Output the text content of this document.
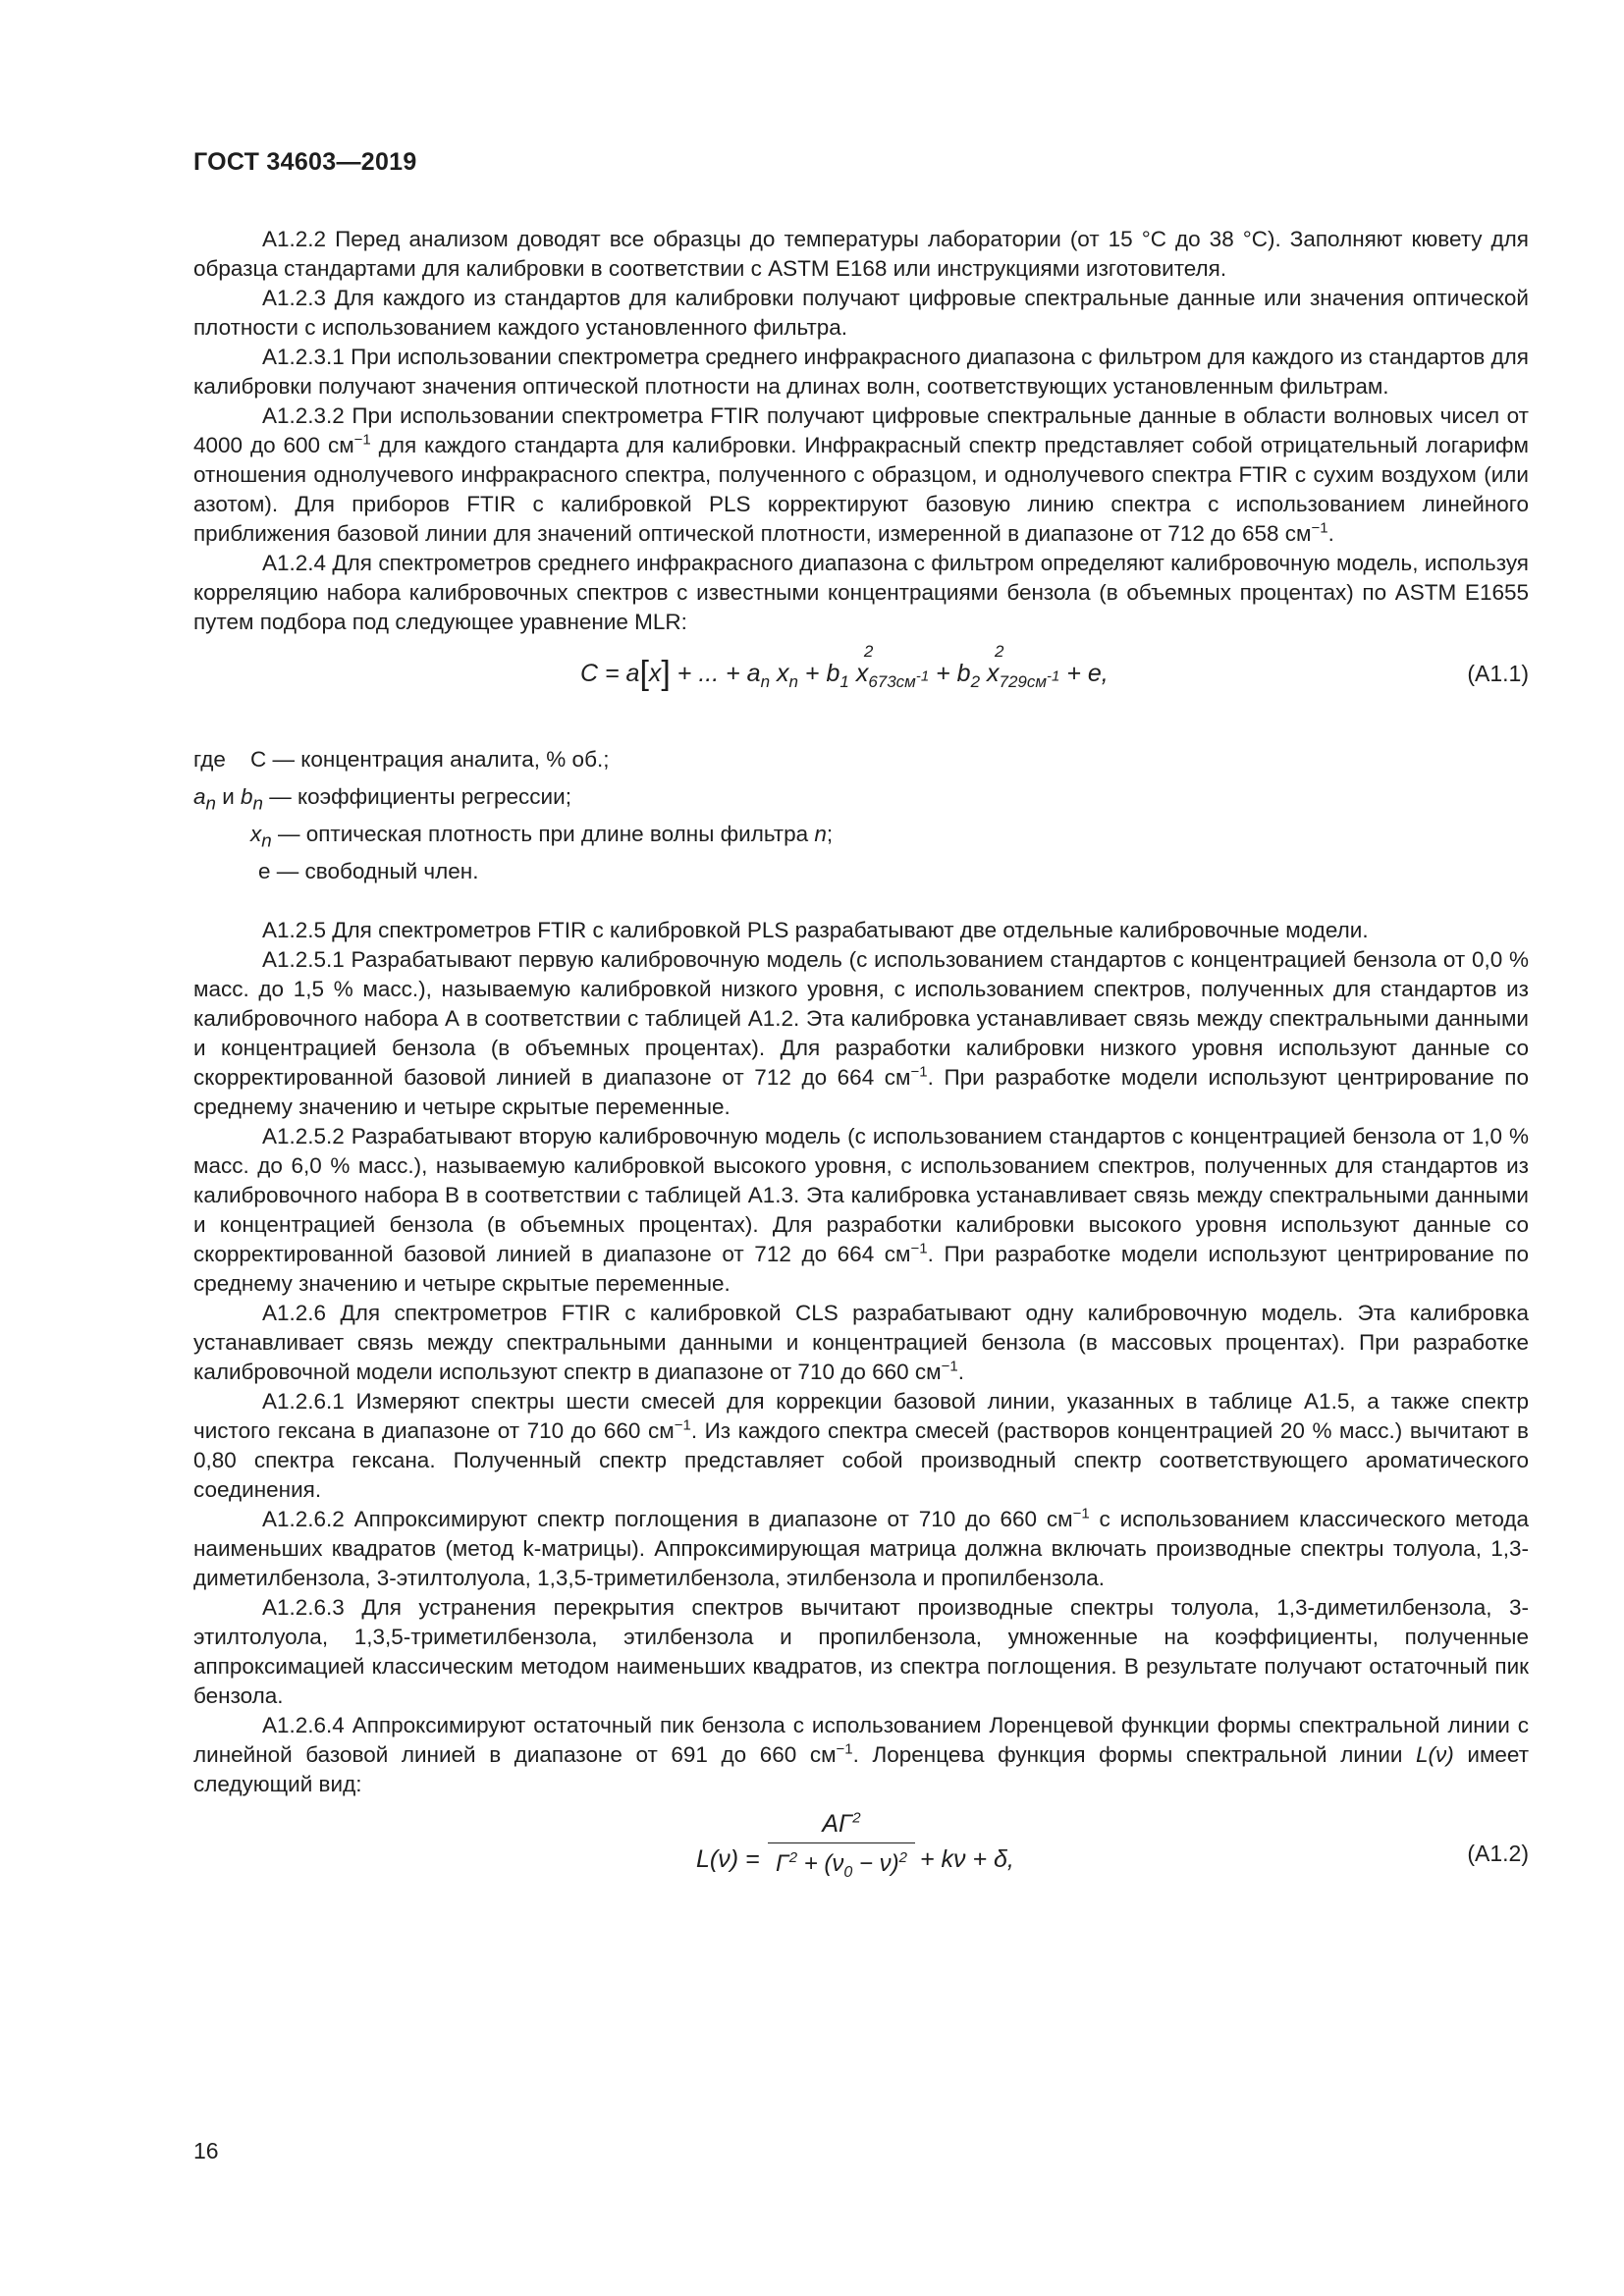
ГОСТ 34603—2019

А1.2.2 Перед анализом доводят все образцы до температуры лаборатории (от 15 °С до 38 °С). Заполняют кювету для образца стандартами для калибровки в соответствии с ASTM Е168 или инструкциями изготовителя.

А1.2.3 Для каждого из стандартов для калибровки получают цифровые спектральные данные или значения оптической плотности с использованием каждого установленного фильтра.

А1.2.3.1 При использовании спектрометра среднего инфракрасного диапазона с фильтром для каждого из стандартов для калибровки получают значения оптической плотности на длинах волн, соответствующих установленным фильтрам.

А1.2.3.2 При использовании спектрометра FTIR получают цифровые спектральные данные в области волновых чисел от 4000 до 600 $см^{-1}$ для каждого стандарта для калибровки. Инфракрасный спектр представляет собой отрицательный логарифм отношения однолучевого инфракрасного спектра, полученного с образцом, и однолучевого спектра FTIR с сухим воздухом (или азотом). Для приборов FTIR с калибровкой PLS корректируют базовую линию спектра с использованием линейного приближения базовой линии для значений оптической плотности, измеренной в диапазоне от 712 до 658 $см^{-1}$.

А1.2.4 Для спектрометров среднего инфракрасного диапазона с фильтром определяют калибровочную модель, используя корреляцию набора калибровочных спектров с известными концентрациями бензола (в объемных процентах) по ASTM Е1655 путем подбора под следующее уравнение MLR:

C = a[x] + ... + $a_n$ $x_n + b_1$ $x_{673см^{-1}}$
2
+ $b_2$ $x_{729см^{-1}}$
2
+ e,	(А1.1)
где С — концентрация аналита, % об.;
$a_n$ и $b_n$ — коэффициенты регрессии;
$x_n$ — оптическая плотность при длине волны фильтра n;
е — свободный член.

А1.2.5 Для спектрометров FTIR с калибровкой PLS разрабатывают две отдельные калибровочные модели.

А1.2.5.1 Разрабатывают первую калибровочную модель (с использованием стандартов с концентрацией бензола от 0,0 % масс. до 1,5 % масс.), называемую калибровкой низкого уровня, с использованием спектров, полученных для стандартов из калибровочного набора А в соответствии с таблицей А1.2. Эта калибровка устанавливает связь между спектральными данными и концентрацией бензола (в объемных процентах). Для разработки калибровки низкого уровня используют данные со скорректированной базовой линией в диапазоне от 712 до 664 $см^{-1}$. При разработке модели используют центрирование по среднему значению и четыре скрытые переменные.

А1.2.5.2 Разрабатывают вторую калибровочную модель (с использованием стандартов с концентрацией бензола от 1,0 % масс. до 6,0 % масс.), называемую калибровкой высокого уровня, с использованием спектров, полученных для стандартов из калибровочного набора В в соответствии с таблицей А1.3. Эта калибровка устанавливает связь между спектральными данными и концентрацией бензола (в объемных процентах). Для разработки калибровки высокого уровня используют данные со скорректированной базовой линией в диапазоне от 712 до 664 $см^{-1}$. При разработке модели используют центрирование по среднему значению и четыре скрытые переменные.

А1.2.6 Для спектрометров FTIR с калибровкой CLS разрабатывают одну калибровочную модель. Эта калибровка устанавливает связь между спектральными данными и концентрацией бензола (в массовых процентах). При разработке калибровочной модели используют спектр в диапазоне от 710 до 660 $см^{-1}$.

А1.2.6.1 Измеряют спектры шести смесей для коррекции базовой линии, указанных в таблице А1.5, а также спектр чистого гексана в диапазоне от 710 до 660 $см^{-1}$. Из каждого спектра смесей (растворов концентрацией 20 % масс.) вычитают в 0,80 спектра гексана. Полученный спектр представляет собой производный спектр соответствующего ароматического соединения.

А1.2.6.2 Аппроксимируют спектр поглощения в диапазоне от 710 до 660 $см^{-1}$ с использованием классического метода наименьших квадратов (метод k-матрицы). Аппроксимирующая матрица должна включать производные спектры толуола, 1,3-диметилбензола, 3-этилтолуола, 1,3,5-триметилбензола, этилбензола и пропилбензола.

А1.2.6.3 Для устранения перекрытия спектров вычитают производные спектры толуола, 1,3-диметилбензола, 3-этилтолуола, 1,3,5-триметилбензола, этилбензола и пропилбензола, умноженные на коэффициенты, полученные аппроксимацией классическим методом наименьших квадратов, из спектра поглощения. В результате получают остаточный пик бензола.

А1.2.6.4 Аппроксимируют остаточный пик бензола с использованием Лоренцевой функции формы спектральной линии с линейной базовой линией в диапазоне от 691 до 660 $см^{-1}$. Лоренцева функция формы спектральной линии L(ν) имеет следующий вид:

$L(\nu) = \frac{A\Gamma^2}{\Gamma^2 + (\nu_0 - \nu)^2} + k\nu + \delta$,	(А1.2)
16
